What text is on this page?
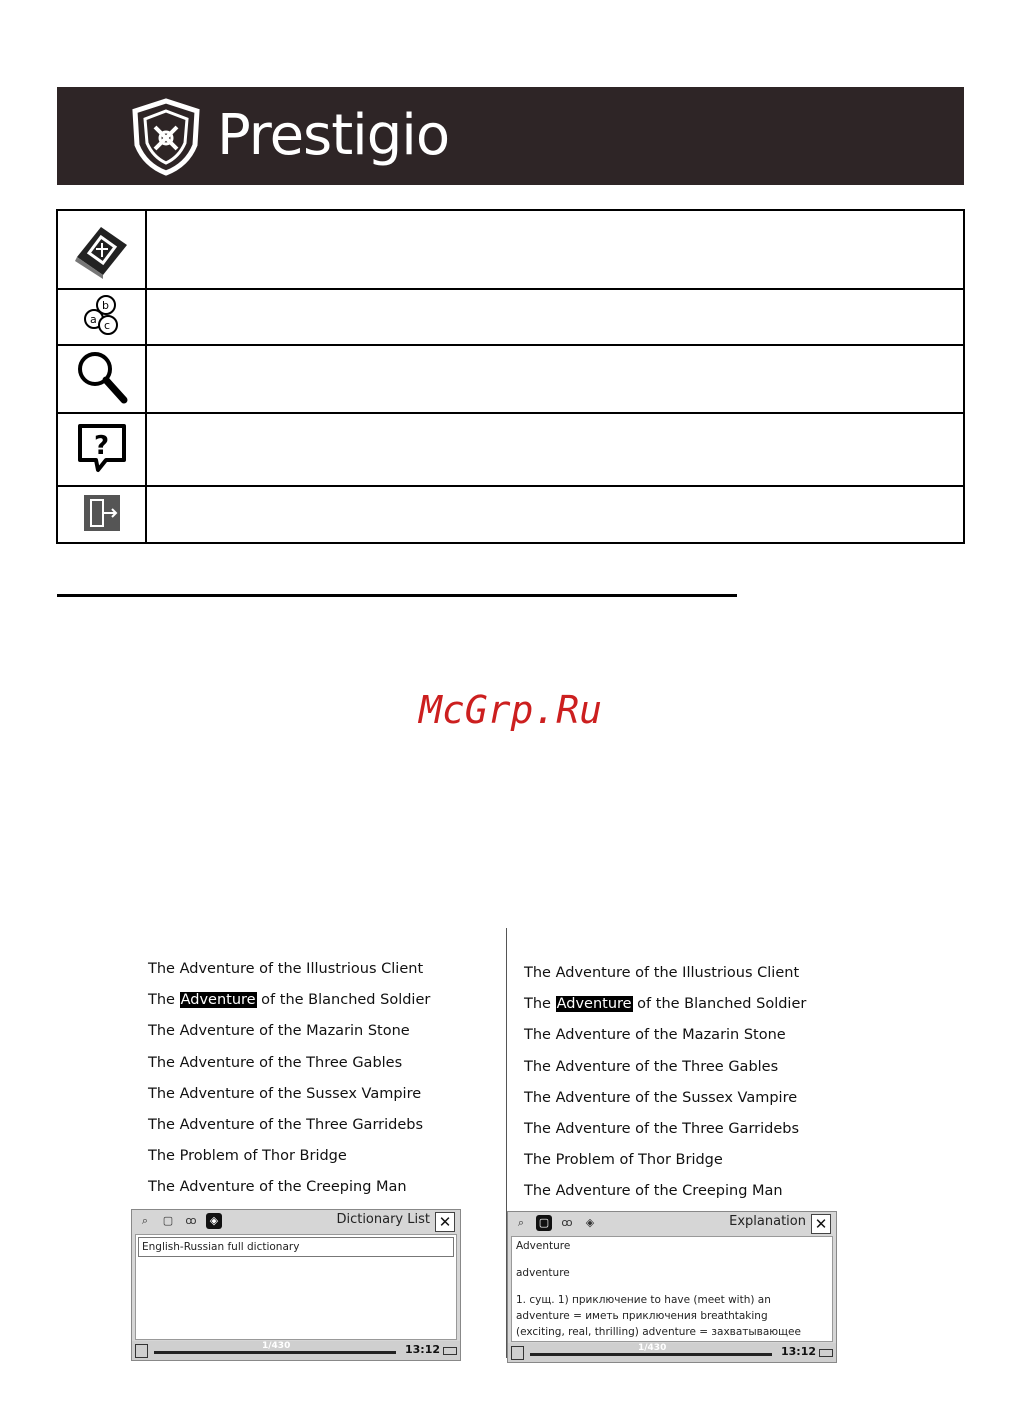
Prestigio

b
a c	

?	

McGrp.Ru
The Adventure of the Illustrious Client
The Adventure of the Blanched Soldier
The Adventure of the Mazarin Stone
The Adventure of the Three Gables
The Adventure of the Sussex Vampire
The Adventure of the Three Garridebs
The Problem of Thor Bridge
The Adventure of the Creeping Man
⌕	▢ ꝏ	◈	Dictionary List ✕
English-Russian full dictionary
1/430	13:12
The Adventure of the Illustrious Client
The Adventure of the Blanched Soldier
The Adventure of the Mazarin Stone
The Adventure of the Three Gables
The Adventure of the Sussex Vampire
The Adventure of the Three Garridebs
The Problem of Thor Bridge
The Adventure of the Creeping Man
⌕	▢ ꝏ	◈	Explanation ✕

Adventure

adventure

1. сущ. 1) приключение to have (meet with) an

adventure = иметь приключения breathtaking

(exciting, real, thrilling) adventure = захватывающее

1/430	13:12
